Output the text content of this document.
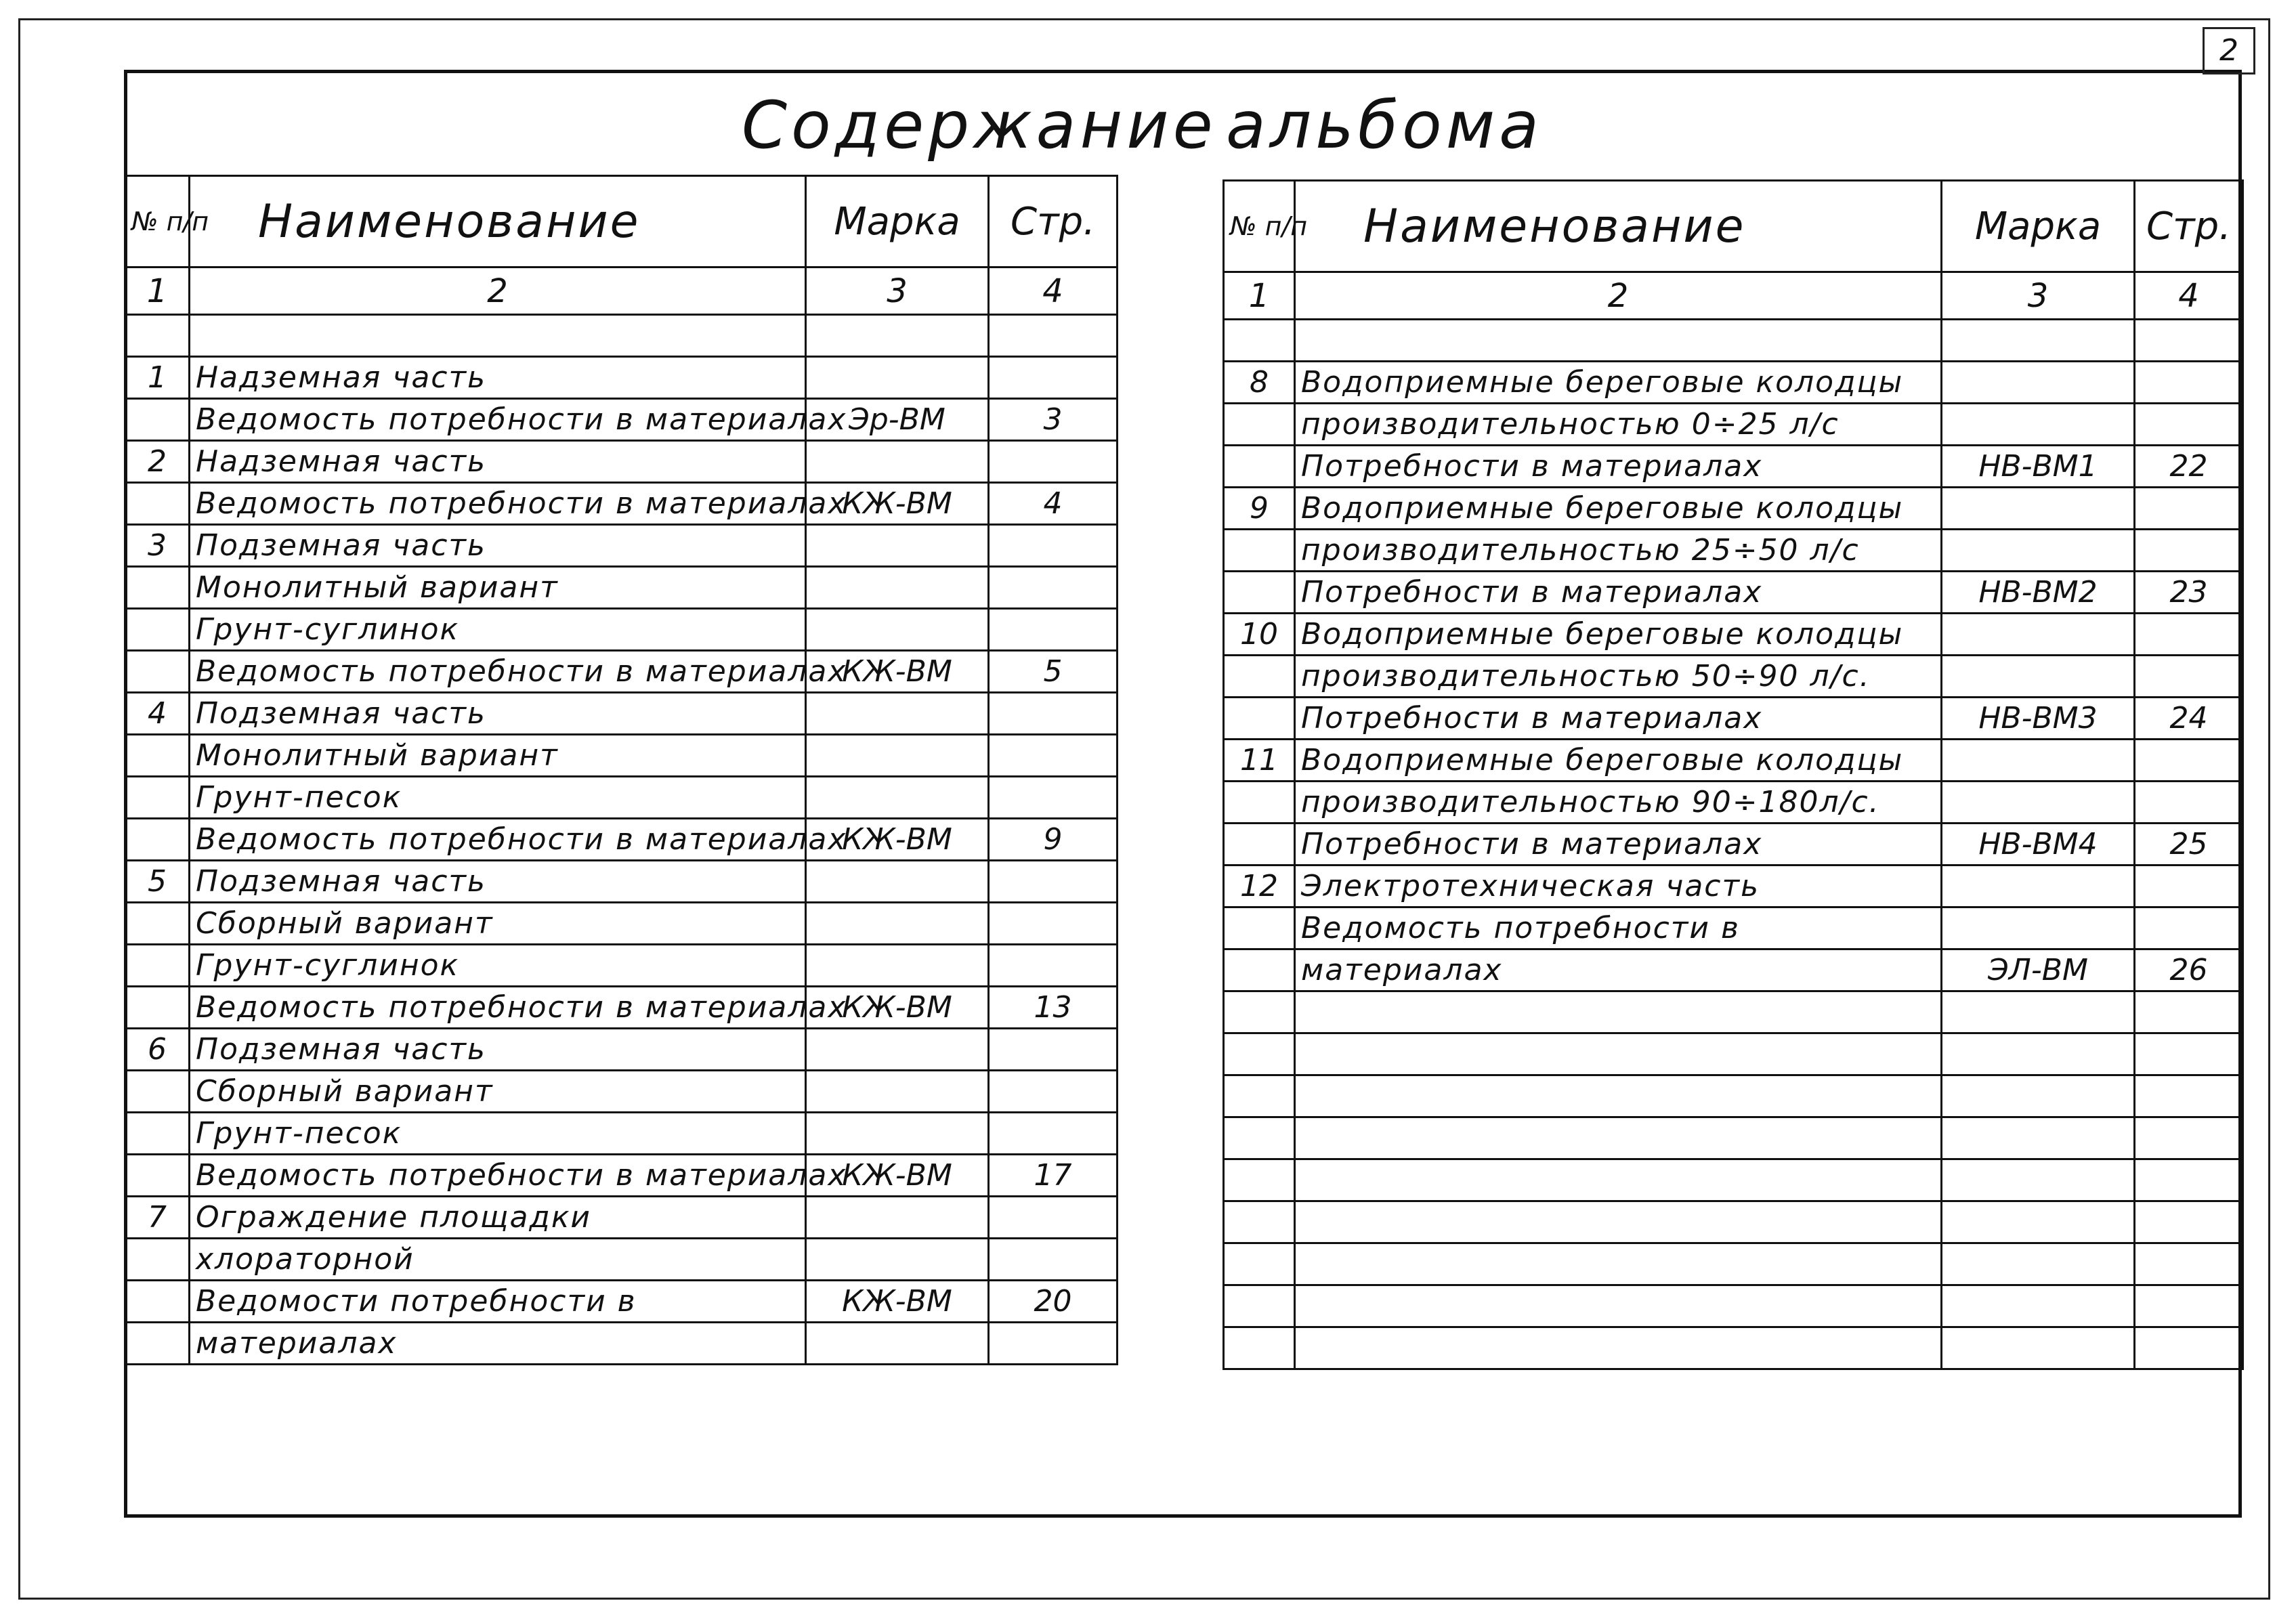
2
Содержание альбома
№ п/п	Наименование	Марка	Стр.
1	2	3	4

1	Надземная часть		
	Ведомость потребности в материалах	Эр-ВМ	3
2	Надземная часть		
	Ведомость потребности в материалах	КЖ-ВМ	4
3	Подземная часть		
	Монолитный вариант		
	Грунт-суглинок		
	Ведомость потребности в материалах	КЖ-ВМ	5
4	Подземная часть		
	Монолитный вариант		
	Грунт-песок		
	Ведомость потребности в материалах	КЖ-ВМ	9
5	Подземная часть		
	Сборный вариант		
	Грунт-суглинок		
	Ведомость потребности в материалах	КЖ-ВМ	13
6	Подземная часть		
	Сборный вариант		
	Грунт-песок		
	Ведомость потребности в материалах	КЖ-ВМ	17
7	Ограждение площадки		
	хлораторной		
	Ведомости потребности в	КЖ-ВМ	20
	материалах		
№ п/п	Наименование	Марка	Стр.
1	2	3	4

8	Водоприемные береговые колодцы		
	производительностью 0÷25 л/с		
	Потребности в материалах	НВ-ВМ1	22
9	Водоприемные береговые колодцы		
	производительностью 25÷50 л/с		
	Потребности в материалах	НВ-ВМ2	23
10	Водоприемные береговые колодцы		
	производительностью 50÷90 л/с.		
	Потребности в материалах	НВ-ВМ3	24
11	Водоприемные береговые колодцы		
	производительностью 90÷180л/с.		
	Потребности в материалах	НВ-ВМ4	25
12	Электротехническая часть		
	Ведомость потребности в		
	материалах	ЭЛ-ВМ	26
